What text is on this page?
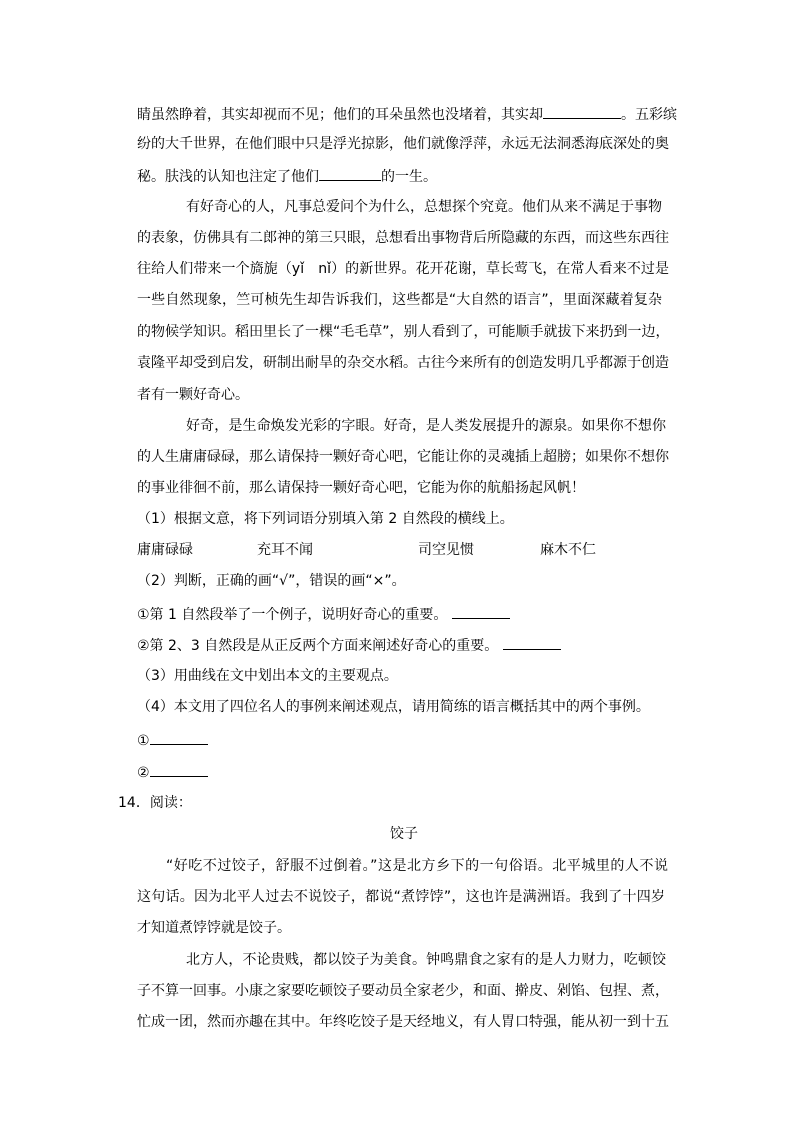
睛虽然睁着，其实却视而不见；他们的耳朵虽然也没堵着，其实却	。五彩缤
纷的大千世界，在他们眼中只是浮光掠影，他们就像浮萍，永远无法洞悉海底深处的奥
秘。肤浅的认知也注定了他们	的一生。
有好奇心的人，凡事总爱问个为什么，总想探个究竟。他们从来不满足于事物
的表象，仿佛具有二郎神的第三只眼，总想看出事物背后所隐藏的东西，而这些东西往
往给人们带来一个旖旎（yǐ　nǐ）的新世界。花开花谢，草长莺飞，在常人看来不过是
一些自然现象，竺可桢先生却告诉我们，这些都是“大自然的语言”，里面深藏着复杂
的物候学知识。稻田里长了一棵“毛毛草”，别人看到了，可能顺手就拔下来扔到一边，
袁隆平却受到启发，研制出耐旱的杂交水稻。古往今来所有的创造发明几乎都源于创造
者有一颗好奇心。
好奇，是生命焕发光彩的字眼。好奇，是人类发展提升的源泉。如果你不想你
的人生庸庸碌碌，那么请保持一颗好奇心吧，它能让你的灵魂插上超膀；如果你不想你
的事业徘徊不前，那么请保持一颗好奇心吧，它能为你的航船扬起风帆！
（1）根据文意，将下列词语分别填入第 2 自然段的横线上。
庸庸碌碌	充耳不闻	司空见惯	麻木不仁
（2）判断，正确的画“√”，错误的画“×”。
①第 1 自然段举了一个例子，说明好奇心的重要。
②第 2、3 自然段是从正反两个方面来阐述好奇心的重要。
（3）用曲线在文中划出本文的主要观点。
（4）本文用了四位名人的事例来阐述观点，请用简练的语言概括其中的两个事例。
①
②
14．阅读：
饺子
“好吃不过饺子，舒服不过倒着。”这是北方乡下的一句俗语。北平城里的人不说
这句话。因为北平人过去不说饺子，都说“煮饽饽”，这也许是满洲语。我到了十四岁
才知道煮饽饽就是饺子。
北方人，不论贵贱，都以饺子为美食。钟鸣鼎食之家有的是人力财力，吃顿饺
子不算一回事。小康之家要吃顿饺子要动员全家老少，和面、擀皮、剁馅、包捏、煮，
忙成一团，然而亦趣在其中。年终吃饺子是天经地义，有人胃口特强，能从初一到十五
